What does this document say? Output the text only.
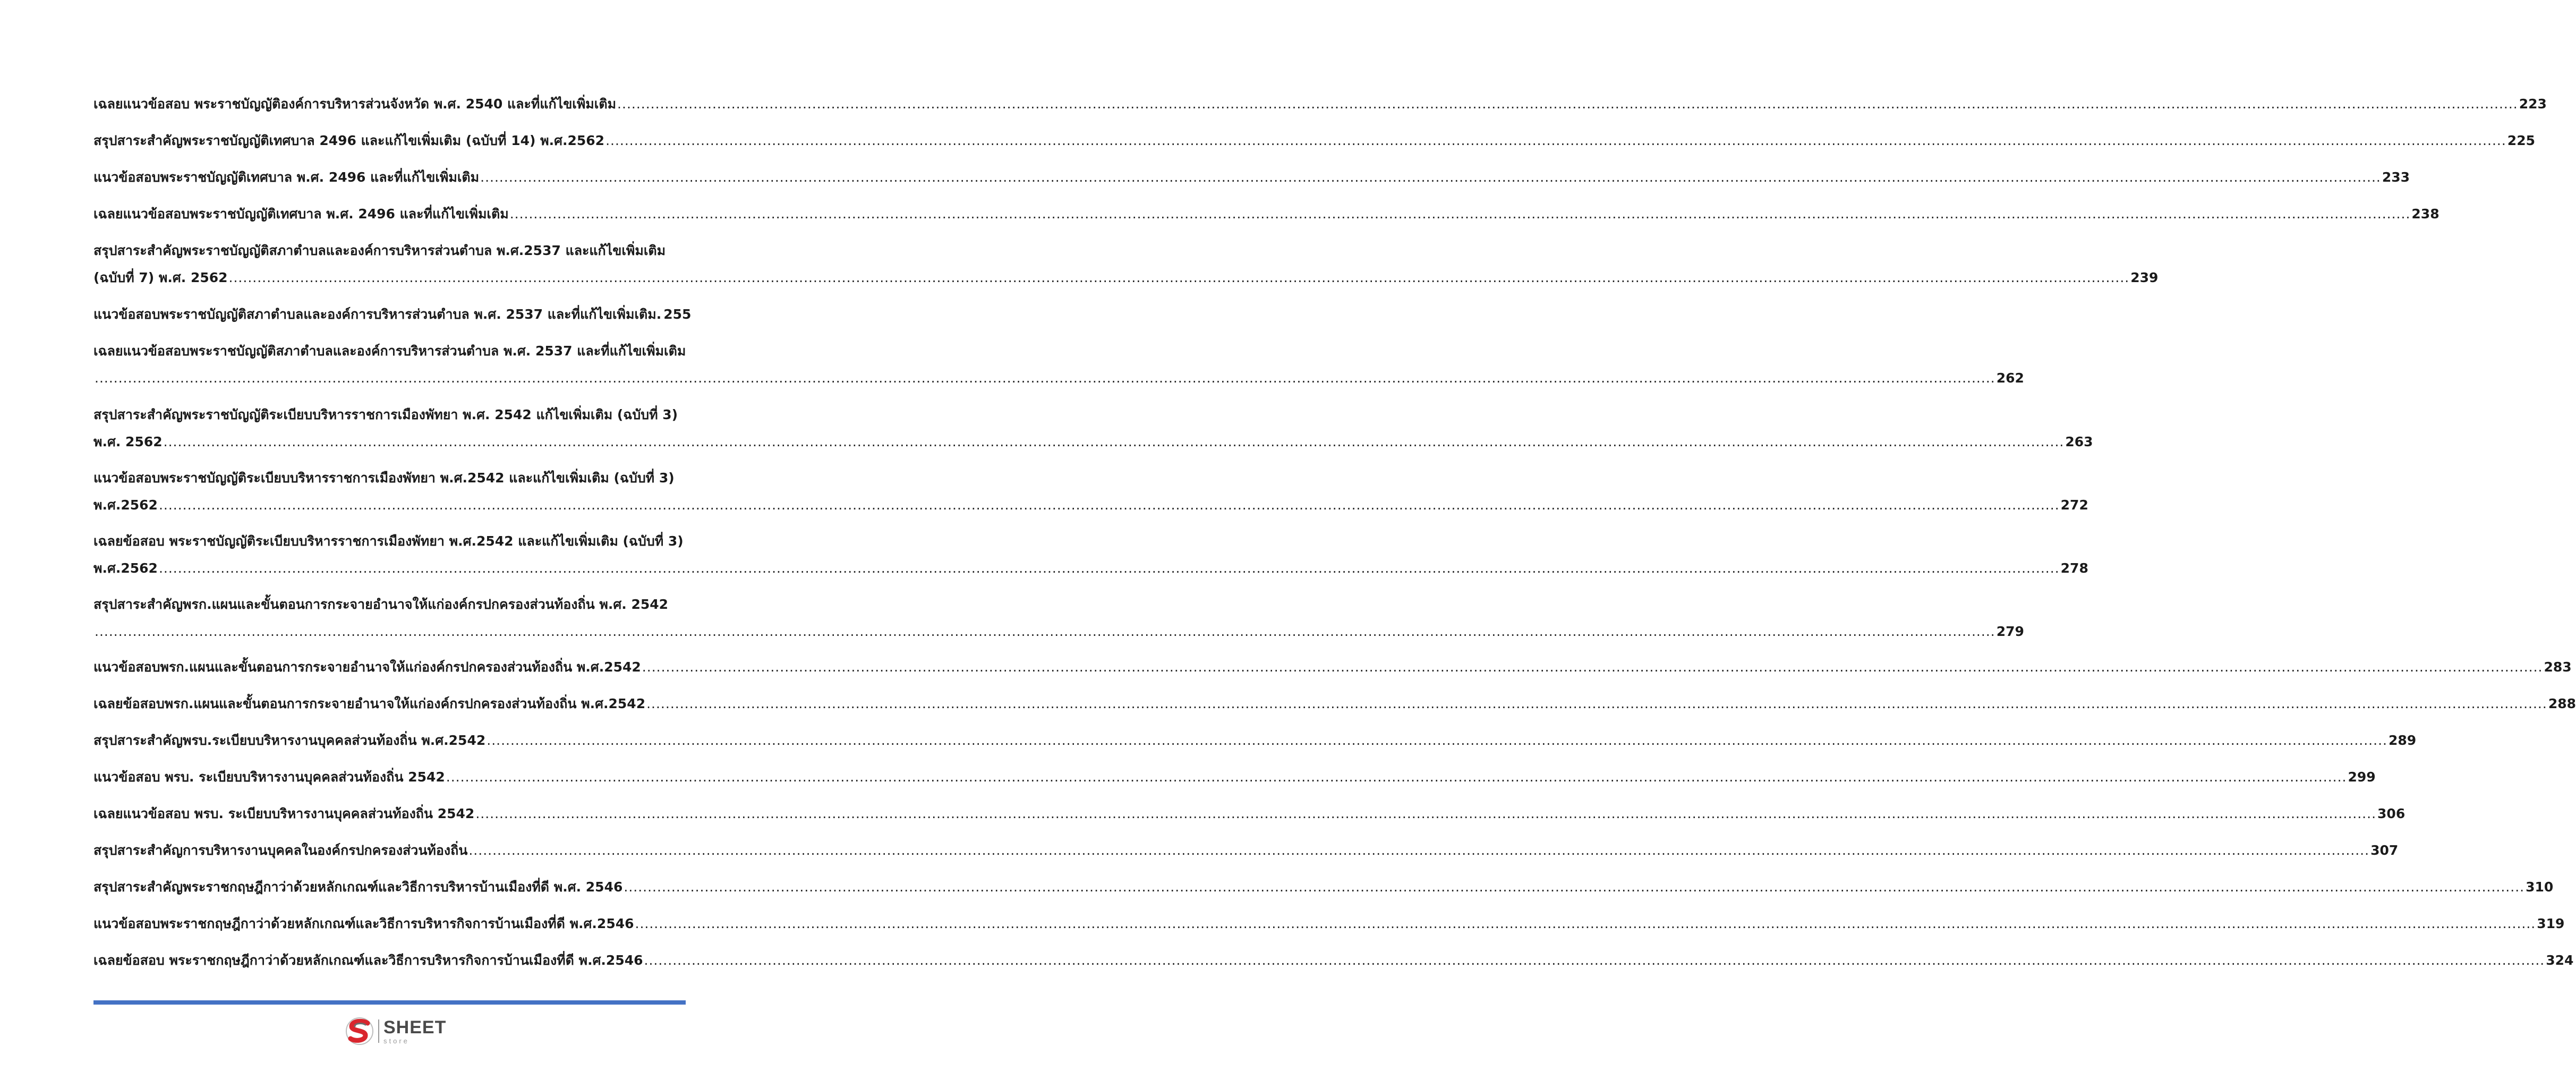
เฉลยแนวข้อสอบ พระราชบัญญัติองค์การบริหารส่วนจังหวัด พ.ศ. 2540 และที่แก้ไขเพิ่มเติม ................................................................................................................................................................................................................................................................................................................................................................................................................ 223
สรุปสาระสำคัญพระราชบัญญัติเทศบาล 2496 และแก้ไขเพิ่มเติม (ฉบับที่ 14) พ.ศ.2562 ................................................................................................................................................................................................................................................................................................................................................................................................................ 225
แนวข้อสอบพระราชบัญญัติเทศบาล พ.ศ. 2496 และที่แก้ไขเพิ่มเติม ................................................................................................................................................................................................................................................................................................................................................................................................................ 233
เฉลยแนวข้อสอบพระราชบัญญัติเทศบาล พ.ศ. 2496 และที่แก้ไขเพิ่มเติม ................................................................................................................................................................................................................................................................................................................................................................................................................ 238
สรุปสาระสำคัญพระราชบัญญัติสภาตำบลและองค์การบริหารส่วนตำบล พ.ศ.2537 และแก้ไขเพิ่มเติม
(ฉบับที่ 7) พ.ศ. 2562 ................................................................................................................................................................................................................................................................................................................................................................................................................ 239
แนวข้อสอบพระราชบัญญัติสภาตำบลและองค์การบริหารส่วนตำบล พ.ศ. 2537 และที่แก้ไขเพิ่มเติม. 255
เฉลยแนวข้อสอบพระราชบัญญัติสภาตำบลและองค์การบริหารส่วนตำบล พ.ศ. 2537 และที่แก้ไขเพิ่มเติม
................................................................................................................................................................................................................................................................................................................................................................................................................ 262
สรุปสาระสำคัญพระราชบัญญัติระเบียบบริหารราชการเมืองพัทยา พ.ศ. 2542 แก้ไขเพิ่มเติม (ฉบับที่ 3)
พ.ศ. 2562 ................................................................................................................................................................................................................................................................................................................................................................................................................ 263
แนวข้อสอบพระราชบัญญัติระเบียบบริหารราชการเมืองพัทยา พ.ศ.2542 และแก้ไขเพิ่มเติม (ฉบับที่ 3)
พ.ศ.2562 ................................................................................................................................................................................................................................................................................................................................................................................................................ 272
เฉลยข้อสอบ พระราชบัญญัติระเบียบบริหารราชการเมืองพัทยา พ.ศ.2542 และแก้ไขเพิ่มเติม (ฉบับที่ 3)
พ.ศ.2562 ................................................................................................................................................................................................................................................................................................................................................................................................................ 278
สรุปสาระสำคัญพรก.แผนและขั้นตอนการกระจายอำนาจให้แก่องค์กรปกครองส่วนท้องถิ่น พ.ศ. 2542
................................................................................................................................................................................................................................................................................................................................................................................................................ 279
แนวข้อสอบพรก.แผนและขั้นตอนการกระจายอำนาจให้แก่องค์กรปกครองส่วนท้องถิ่น พ.ศ.2542 ................................................................................................................................................................................................................................................................................................................................................................................................................ 283
เฉลยข้อสอบพรก.แผนและขั้นตอนการกระจายอำนาจให้แก่องค์กรปกครองส่วนท้องถิ่น พ.ศ.2542 ................................................................................................................................................................................................................................................................................................................................................................................................................ 288
สรุปสาระสำคัญพรบ.ระเบียบบริหารงานบุคคลส่วนท้องถิ่น พ.ศ.2542 ................................................................................................................................................................................................................................................................................................................................................................................................................ 289
แนวข้อสอบ พรบ. ระเบียบบริหารงานบุคคลส่วนท้องถิ่น 2542 ................................................................................................................................................................................................................................................................................................................................................................................................................ 299
เฉลยแนวข้อสอบ พรบ. ระเบียบบริหารงานบุคคลส่วนท้องถิ่น 2542 ................................................................................................................................................................................................................................................................................................................................................................................................................ 306
สรุปสาระสำคัญการบริหารงานบุคคลในองค์กรปกครองส่วนท้องถิ่น ................................................................................................................................................................................................................................................................................................................................................................................................................ 307
สรุปสาระสำคัญพระราชกฤษฎีกาว่าด้วยหลักเกณฑ์และวิธีการบริหารบ้านเมืองที่ดี พ.ศ. 2546 ................................................................................................................................................................................................................................................................................................................................................................................................................ 310
แนวข้อสอบพระราชกฤษฎีกาว่าด้วยหลักเกณฑ์และวิธีการบริหารกิจการบ้านเมืองที่ดี พ.ศ.2546 ................................................................................................................................................................................................................................................................................................................................................................................................................ 319
เฉลยข้อสอบ พระราชกฤษฎีกาว่าด้วยหลักเกณฑ์และวิธีการบริหารกิจการบ้านเมืองที่ดี พ.ศ.2546 ................................................................................................................................................................................................................................................................................................................................................................................................................ 324
SHEET
store
